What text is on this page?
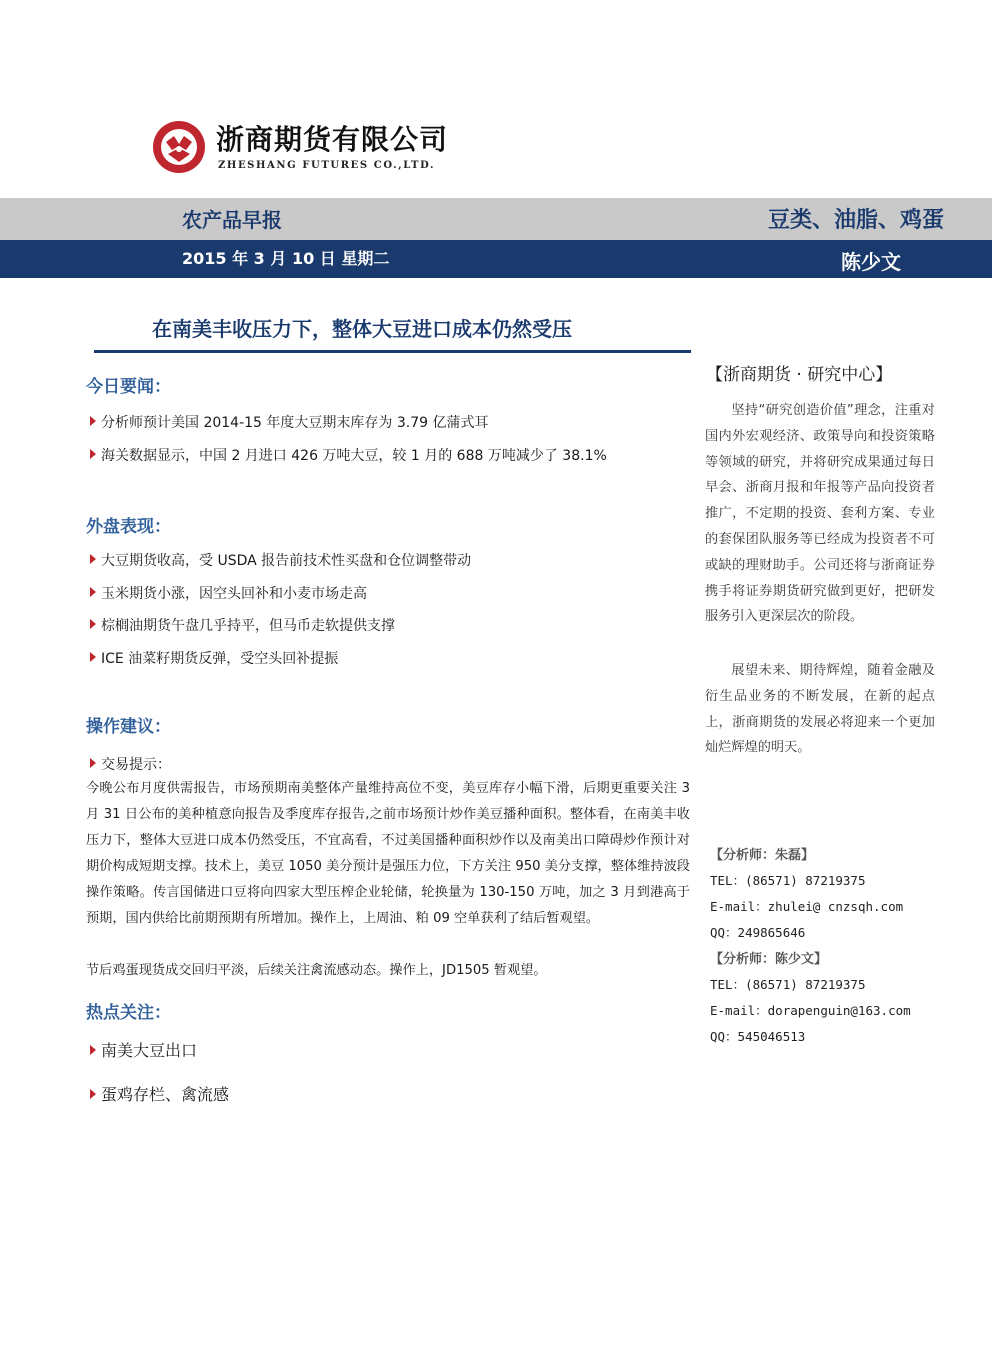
浙商期货有限公司
ZHESHANG FUTURES CO.,LTD.
农产品早报	豆类、油脂、鸡蛋
2015 年 3 月 10 日 星期二	陈少文
在南美丰收压力下，整体大豆进口成本仍然受压
今日要闻：
分析师预计美国 2014-15 年度大豆期末库存为 3.79 亿蒲式耳
海关数据显示，中国 2 月进口 426 万吨大豆，较 1 月的 688 万吨减少了 38.1%
外盘表现：
大豆期货收高，受 USDA 报告前技术性买盘和仓位调整带动
玉米期货小涨，因空头回补和小麦市场走高
棕榈油期货午盘几乎持平，但马币走软提供支撑
ICE 油菜籽期货反弹，受空头回补提振
操作建议：
交易提示：
今晚公布月度供需报告，市场预期南美整体产量维持高位不变，美豆库存小幅下滑，后期更重要关注 3 月 31 日公布的美种植意向报告及季度库存报告,之前市场预计炒作美豆播种面积。整体看，在南美丰收压力下，整体大豆进口成本仍然受压，不宜高看，不过美国播种面积炒作以及南美出口障碍炒作预计对期价构成短期支撑。技术上，美豆 1050 美分预计是强压力位，下方关注 950 美分支撑，整体维持波段操作策略。传言国储进口豆将向四家大型压榨企业轮储，轮换量为 130-150 万吨，加之 3 月到港高于预期，国内供给比前期预期有所增加。操作上，上周油、粕 09 空单获利了结后暂观望。
节后鸡蛋现货成交回归平淡，后续关注禽流感动态。操作上，JD1505 暂观望。
热点关注：
南美大豆出口
蛋鸡存栏、禽流感
【浙商期货 · 研究中心】
坚持“研究创造价值”理念，注重对国内外宏观经济、政策导向和投资策略等领域的研究，并将研究成果通过每日早会、浙商月报和年报等产品向投资者推广，不定期的投资、套利方案、专业的套保团队服务等已经成为投资者不可或缺的理财助手。公司还将与浙商证券携手将证券期货研究做到更好，把研发服务引入更深层次的阶段。
展望未来、期待辉煌，随着金融及衍生品业务的不断发展，在新的起点上，浙商期货的发展必将迎来一个更加灿烂辉煌的明天。
【分析师：朱磊】
TEL：(86571) 87219375
E-mail：zhulei@ cnzsqh.com
QQ：249865646
【分析师：陈少文】
TEL：(86571) 87219375
E-mail：dorapenguin@163.com
QQ：545046513
